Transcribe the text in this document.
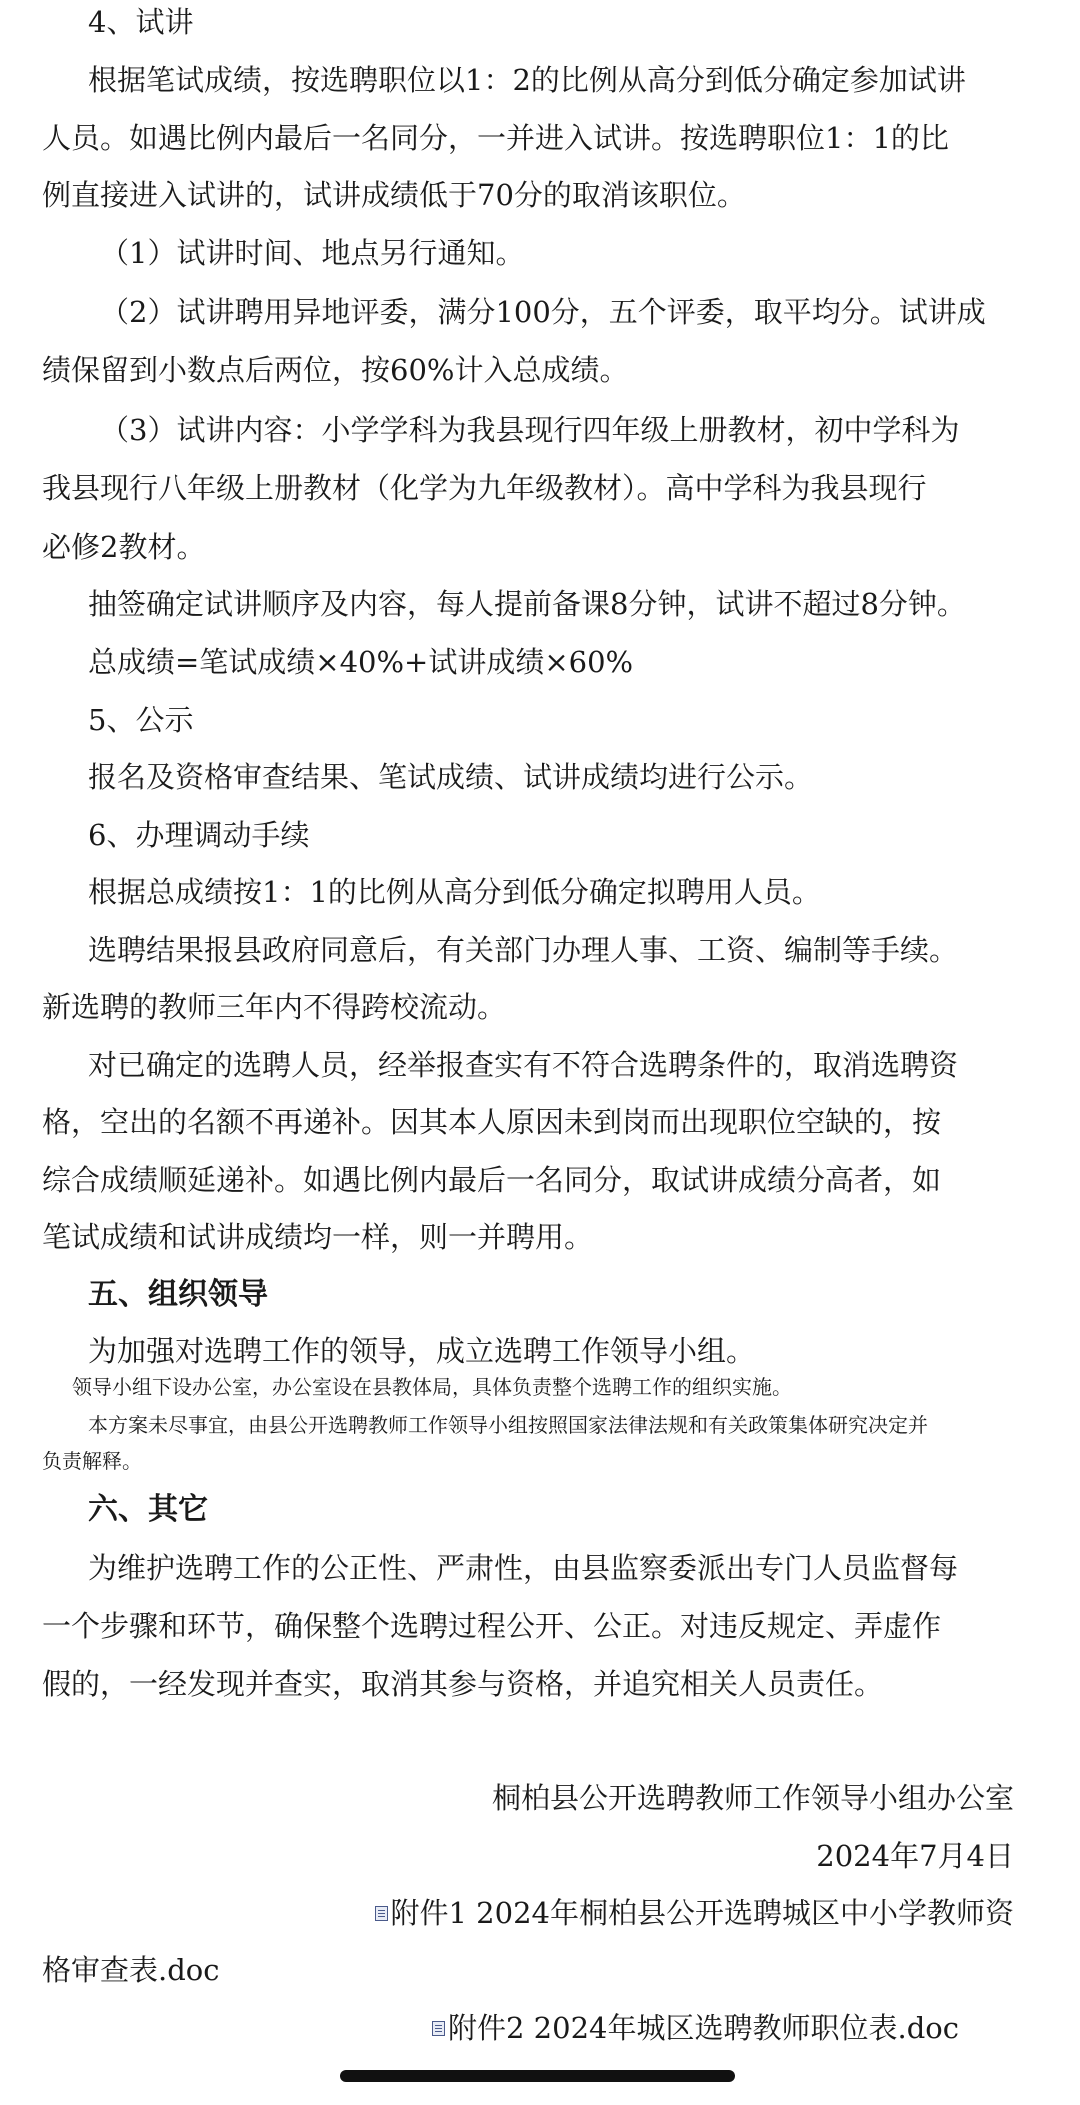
4、试讲
根据笔试成绩，按选聘职位以1：2的比例从高分到低分确定参加试讲
人员。如遇比例内最后一名同分，一并进入试讲。按选聘职位1：1的比
例直接进入试讲的，试讲成绩低于70分的取消该职位。
（1）试讲时间、地点另行通知。
（2）试讲聘用异地评委，满分100分，五个评委，取平均分。试讲成
绩保留到小数点后两位，按60%计入总成绩。
（3）试讲内容：小学学科为我县现行四年级上册教材，初中学科为
我县现行八年级上册教材（化学为九年级教材）。高中学科为我县现行
必修2教材。
抽签确定试讲顺序及内容，每人提前备课8分钟，试讲不超过8分钟。
总成绩=笔试成绩×40%+试讲成绩×60%
5、公示
报名及资格审查结果、笔试成绩、试讲成绩均进行公示。
6、办理调动手续
根据总成绩按1：1的比例从高分到低分确定拟聘用人员。
选聘结果报县政府同意后，有关部门办理人事、工资、编制等手续。
新选聘的教师三年内不得跨校流动。
对已确定的选聘人员，经举报查实有不符合选聘条件的，取消选聘资
格，空出的名额不再递补。因其本人原因未到岗而出现职位空缺的，按
综合成绩顺延递补。如遇比例内最后一名同分，取试讲成绩分高者，如
笔试成绩和试讲成绩均一样，则一并聘用。
五、组织领导
为加强对选聘工作的领导，成立选聘工作领导小组。
领导小组下设办公室，办公室设在县教体局，具体负责整个选聘工作的组织实施。
本方案未尽事宜，由县公开选聘教师工作领导小组按照国家法律法规和有关政策集体研究决定并
负责解释。
六、其它
为维护选聘工作的公正性、严肃性，由县监察委派出专门人员监督每
一个步骤和环节，确保整个选聘过程公开、公正。对违反规定、弄虚作
假的，一经发现并查实，取消其参与资格，并追究相关人员责任。
桐柏县公开选聘教师工作领导小组办公室
2024年7月4日
附件1 2024年桐柏县公开选聘城区中小学教师资
格审查表.doc
附件2 2024年城区选聘教师职位表.doc
